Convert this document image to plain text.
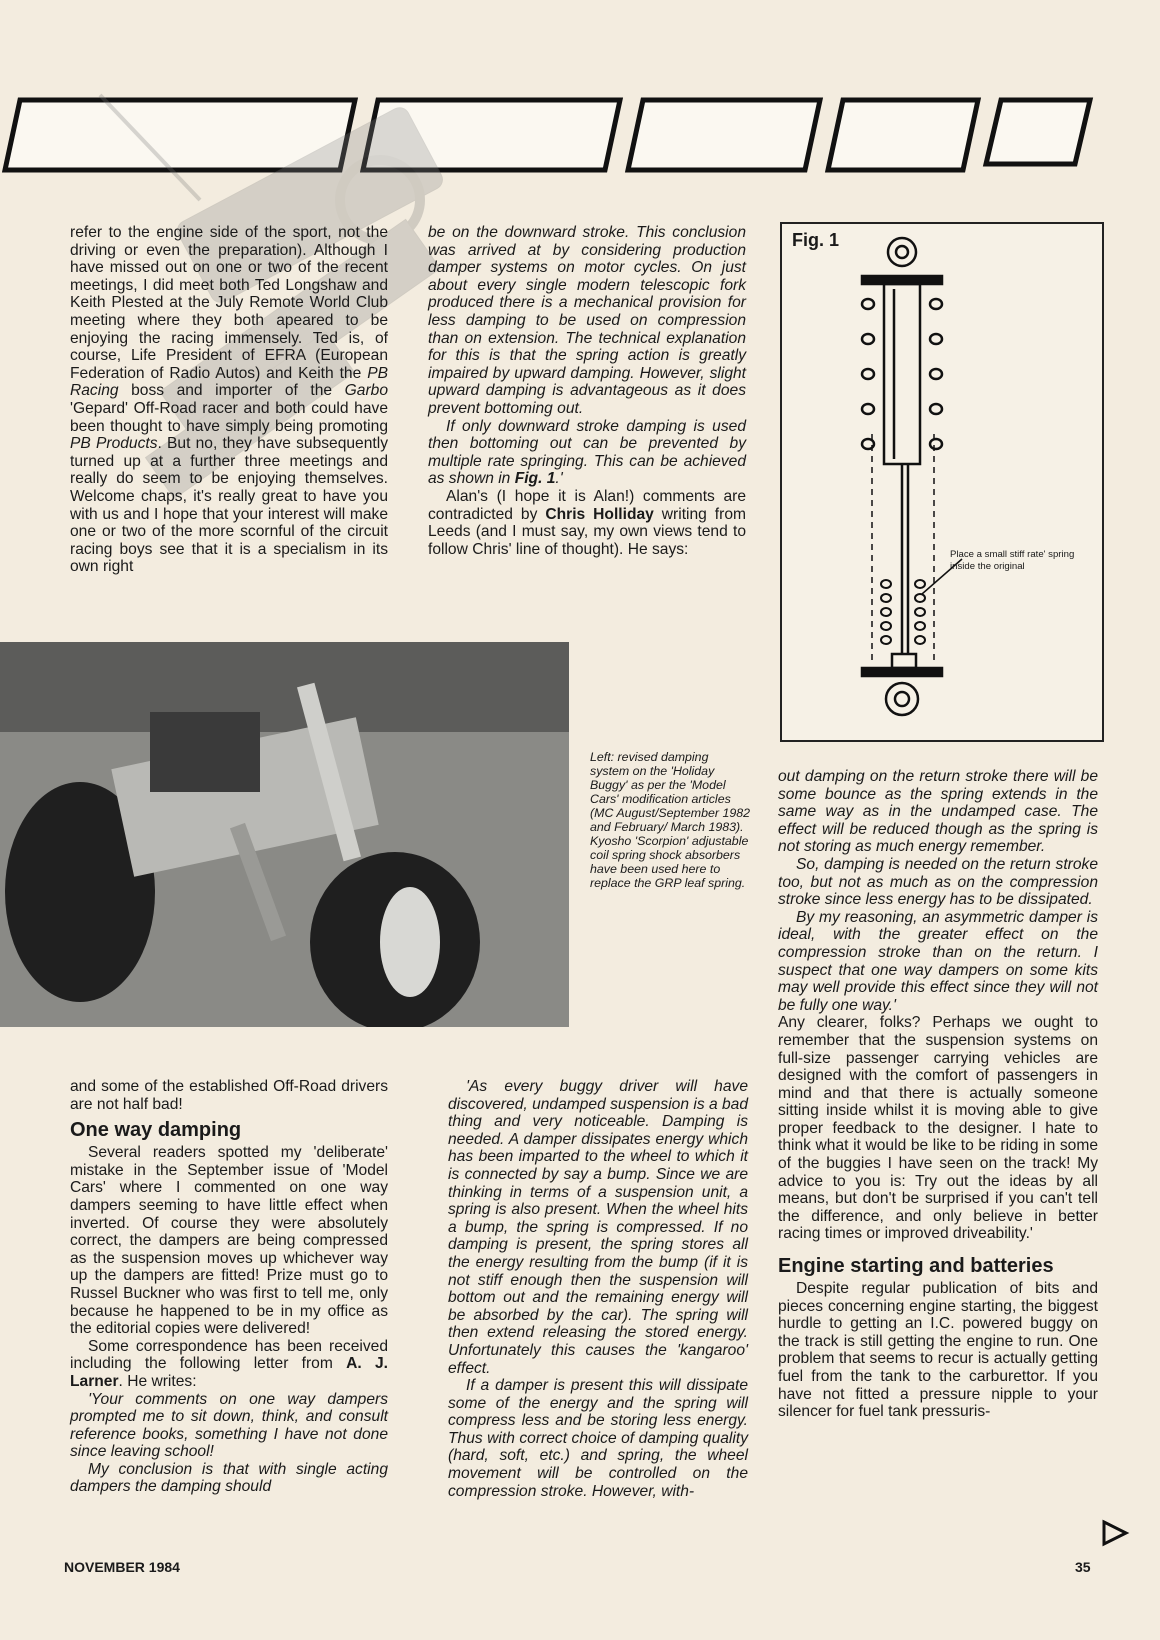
refer to the engine side of the sport, not the driving or even the preparation). Although I have missed out on one or two of the recent meetings, I did meet both Ted Longshaw and Keith Plested at the July Remote World Club meeting where they both apeared to be enjoying the racing immensely. Ted is, of course, Life President of EFRA (European Federation of Radio Autos) and Keith the PB Racing boss and importer of the Garbo 'Gepard' Off-Road racer and both could have been thought to have simply being promoting PB Products. But no, they have subsequently turned up at a further three meetings and really do seem to be enjoying themselves. Welcome chaps, it's really great to have you with us and I hope that your interest will make one or two of the more scornful of the circuit racing boys see that it is a specialism in its own right

be on the downward stroke. This conclusion was arrived at by considering production damper systems on motor cycles. On just about every single modern telescopic fork produced there is a mechanical provision for less damping to be used on compression than on extension. The technical explanation for this is that the spring action is greatly impaired by upward damping. However, slight upward damping is advantageous as it does prevent bottoming out.

If only downward stroke damping is used then bottoming out can be prevented by multiple rate springing. This can be achieved as shown in Fig. 1.'

Alan's (I hope it is Alan!) comments are contradicted by Chris Holliday writing from Leeds (and I must say, my own views tend to follow Chris' line of thought). He says:

Fig. 1
Place a small stiff rate' spring inside the original
Left: revised damping system on the 'Holiday Buggy' as per the 'Model Cars' modification articles (MC August/September 1982 and February/ March 1983). Kyosho 'Scorpion' adjustable coil spring shock absorbers have been used here to replace the GRP leaf spring.

out damping on the return stroke there will be some bounce as the spring extends in the same way as in the undamped case. The effect will be reduced though as the spring is not storing as much energy remember.

So, damping is needed on the return stroke too, but not as much as on the compression stroke since less energy has to be dissipated.

By my reasoning, an asymmetric damper is ideal, with the greater effect on the compression stroke than on the return. I suspect that one way dampers on some kits may well provide this effect since they will not be fully one way.'

Any clearer, folks? Perhaps we ought to remember that the suspension systems on full-size passenger carrying vehicles are designed with the comfort of passengers in mind and that there is actually someone sitting inside whilst it is moving able to give proper feedback to the designer. I hate to think what it would be like to be riding in some of the buggies I have seen on the track! My advice to you is: Try out the ideas by all means, but don't be surprised if you can't tell the difference, and only believe in better racing times or improved driveability.'

Engine starting and batteries

Despite regular publication of bits and pieces concerning engine starting, the biggest hurdle to getting an I.C. powered buggy on the track is still getting the engine to run. One problem that seems to recur is actually getting fuel from the tank to the carburettor. If you have not fitted a pressure nipple to your silencer for fuel tank pressuris-

and some of the established Off-Road drivers are not half bad!

One way damping

Several readers spotted my 'deliberate' mistake in the September issue of 'Model Cars' where I commented on one way dampers seeming to have little effect when inverted. Of course they were absolutely correct, the dampers are being compressed as the suspension moves up whichever way up the dampers are fitted! Prize must go to Russel Buckner who was first to tell me, only because he happened to be in my office as the editorial copies were delivered!

Some correspondence has been received including the following letter from A. J. Larner. He writes:

'Your comments on one way dampers prompted me to sit down, think, and consult reference books, something I have not done since leaving school!

My conclusion is that with single acting dampers the damping should

'As every buggy driver will have discovered, undamped suspension is a bad thing and very noticeable. Damping is needed. A damper dissipates energy which has been imparted to the wheel to which it is connected by say a bump. Since we are thinking in terms of a suspension unit, a spring is also present. When the wheel hits a bump, the spring is compressed. If no damping is present, the spring stores all the energy resulting from the bump (if it is not stiff enough then the suspension will bottom out and the remaining energy will be absorbed by the car). The spring will then extend releasing the stored energy. Unfortunately this causes the 'kangaroo' effect.

If a damper is present this will dissipate some of the energy and the spring will compress less and be storing less energy. Thus with correct choice of damping quality (hard, soft, etc.) and spring, the wheel movement will be controlled on the compression stroke. However, with-

NOVEMBER 1984	35
